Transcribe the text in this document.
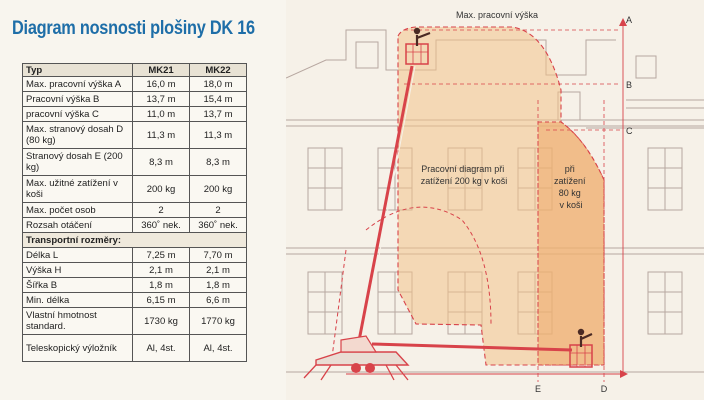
Diagram nosnosti plošiny DK 16
Typ	MK21	MK22
Max. pracovní výška A	16,0 m	18,0 m
Pracovní výška B	13,7 m	15,4 m
pracovní výška C	11,0 m	13,7 m
Max. stranový dosah D (80 kg)	11,3 m	11,3 m
Stranový dosah E (200 kg)	8,3 m	8,3 m
Max. užitné zatížení v koši	200 kg	200 kg
Max. počet osob	2	2
Rozsah otáčení	360˚ nek.	360˚ nek.
Transportní rozměry:		
Délka L	7,25 m	7,70 m
Výška H	2,1 m	2,1 m
Šířka B	1,8 m	1,8 m
Min. délka	6,15 m	6,6 m
Vlastní hmotnost standard.	1730 kg	1770 kg
Teleskopický výložník	Al, 4st.	Al, 4st.
Max. pracovní výška
Pracovní diagram při zatížení 200 kg v koši
při zatížení 80 kg v koši
A
B
C
E	D
